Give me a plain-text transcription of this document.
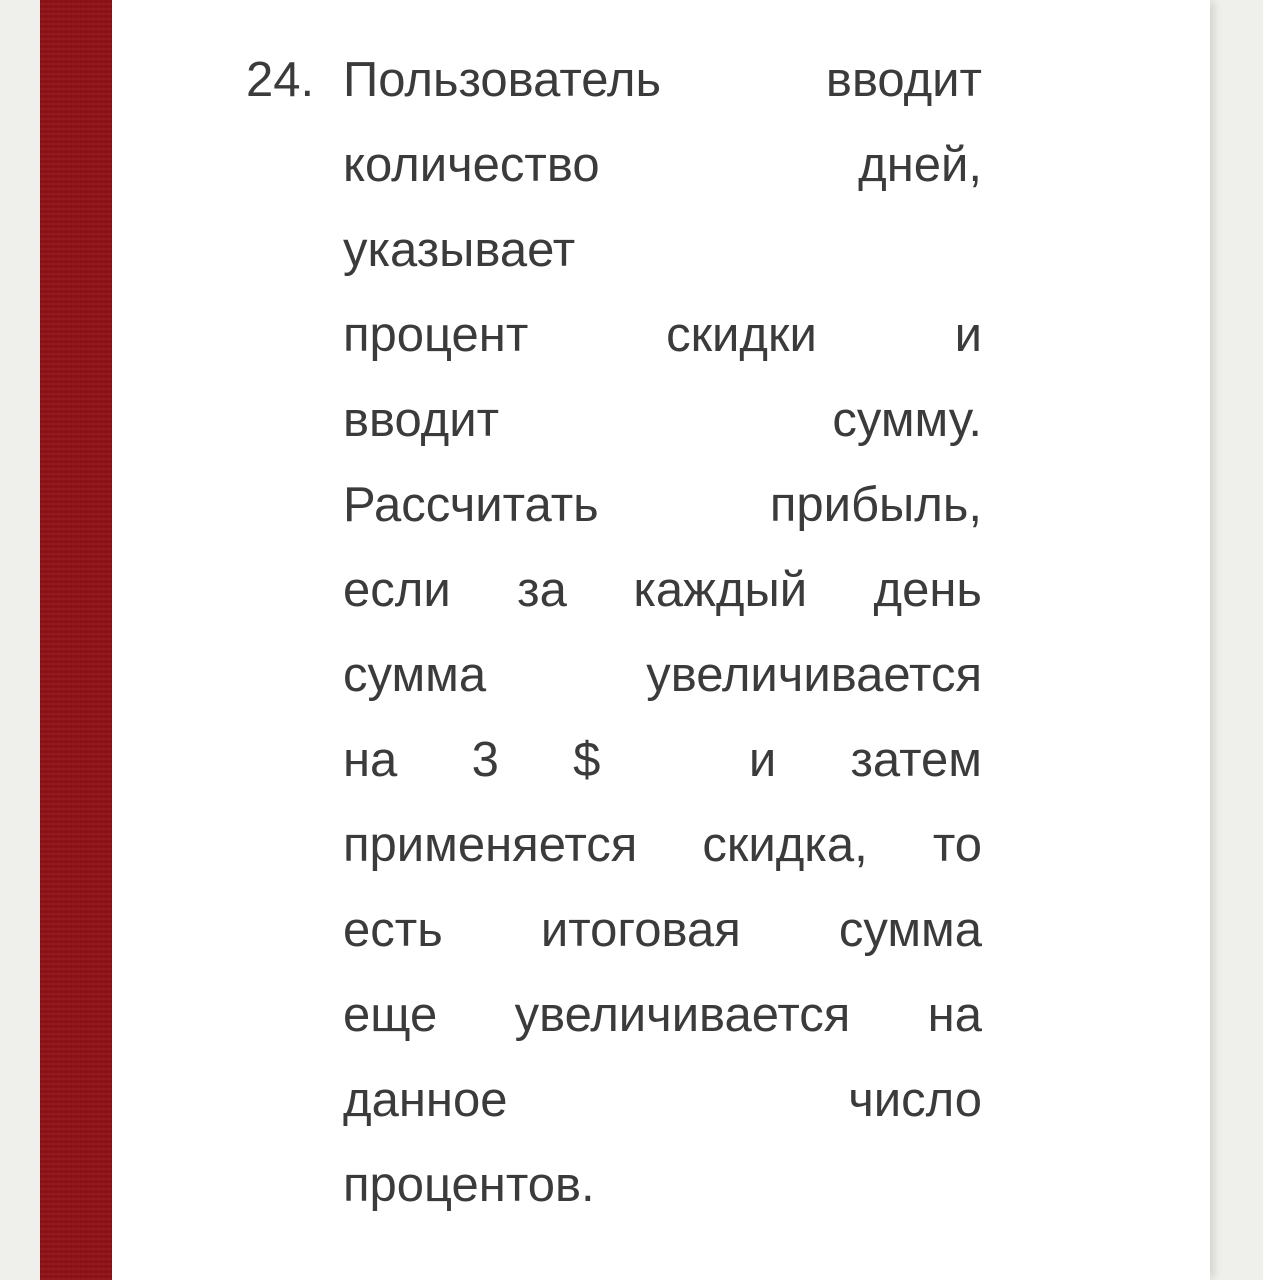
24. Пользователь	вводит
количество	дней,
указывает
процент	скидки	и
вводит	сумму.
Рассчитать	прибыль,
если за каждый день
сумма	увеличивается
на 3 $	и затем
применяется скидка, то
есть итоговая сумма
еще увеличивается на
данное	число
процентов.
